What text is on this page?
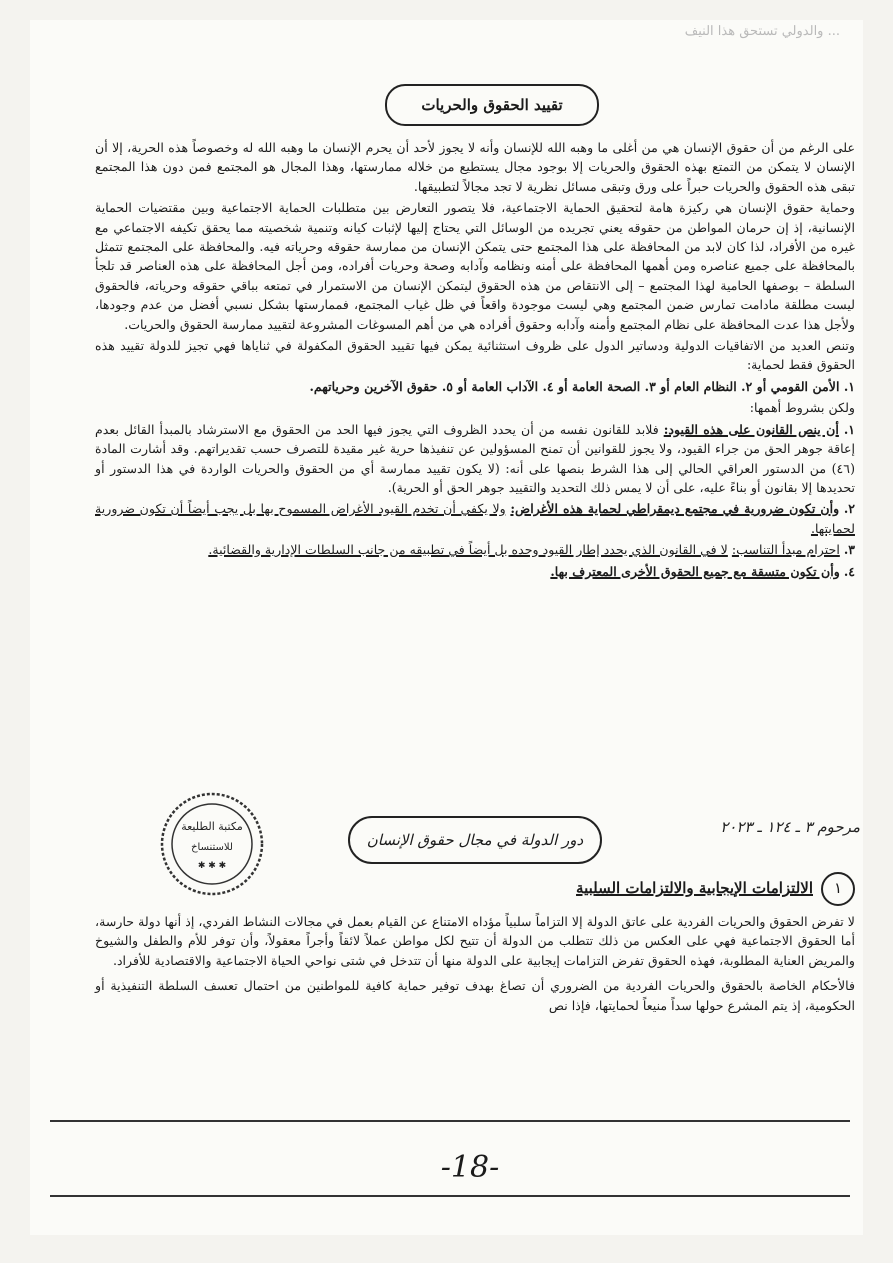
... والدولي تستحق هذا النيف
تقييد الحقوق والحريات

على الرغم من أن حقوق الإنسان هي من أغلى ما وهبه الله للإنسان وأنه لا يجوز لأحد أن يحرم الإنسان ما وهبه الله له وخصوصاً هذه الحرية، إلا أن الإنسان لا يتمكن من التمتع بهذه الحقوق والحريات إلا بوجود مجال يستطيع من خلاله ممارستها، وهذا المجال هو المجتمع فمن دون هذا المجتمع تبقى هذه الحقوق والحريات حبراً على ورق وتبقى مسائل نظرية لا تجد مجالاً لتطبيقها.

وحماية حقوق الإنسان هي ركيزة هامة لتحقيق الحماية الاجتماعية، فلا يتصور التعارض بين متطلبات الحماية الاجتماعية وبين مقتضيات الحماية الإنسانية، إذ إن حرمان المواطن من حقوقه يعني تجريده من الوسائل التي يحتاج إليها لإثبات كيانه وتنمية شخصيته مما يحقق تكيفه الاجتماعي مع غيره من الأفراد، لذا كان لابد من المحافظة على هذا المجتمع حتى يتمكن الإنسان من ممارسة حقوقه وحرياته فيه. والمحافظة على المجتمع تتمثل بالمحافظة على جميع عناصره ومن أهمها المحافظة على أمنه ونظامه وآدابه وصحة وحريات أفراده، ومن أجل المحافظة على هذه العناصر قد تلجأ السلطة – بوصفها الحامية لهذا المجتمع – إلى الانتقاص من هذه الحقوق ليتمكن الإنسان من الاستمرار في تمتعه بباقي حقوقه وحرياته، فالحقوق ليست مطلقة مادامت تمارس ضمن المجتمع وهي ليست موجودة واقعاً في ظل غياب المجتمع، فممارستها بشكل نسبي أفضل من عدم وجودها، ولأجل هذا عدت المحافظة على نظام المجتمع وأمنه وآدابه وحقوق أفراده هي من أهم المسوغات المشروعة لتقييد ممارسة الحقوق والحريات.

وتنص العديد من الاتفاقيات الدولية ودساتير الدول على ظروف استثنائية يمكن فيها تقييد الحقوق المكفولة في ثناياها فهي تجيز للدولة تقييد هذه الحقوق فقط لحماية:

١. الأمن القومي أو ٢. النظام العام أو ٣. الصحة العامة أو ٤. الآداب العامة أو ٥. حقوق الآخرين وحرياتهم.

ولكن بشروط أهمها:

١. أن ينص القانون على هذه القيود: فلابد للقانون نفسه من أن يحدد الظروف التي يجوز فيها الحد من الحقوق مع الاسترشاد بالمبدأ القائل بعدم إعاقة جوهر الحق من جراء القيود، ولا يجوز للقوانين أن تمنح المسؤولين عن تنفيذها حرية غير مقيدة للتصرف حسب تقديراتهم. وقد أشارت المادة (٤٦) من الدستور العراقي الحالي إلى هذا الشرط بنصها على أنه: (لا يكون تقييد ممارسة أي من الحقوق والحريات الواردة في هذا الدستور أو تحديدها إلا بقانون أو بناءً عليه، على أن لا يمس ذلك التحديد والتقييد جوهر الحق أو الحرية).
٢. وأن تكون ضرورية في مجتمع ديمقراطي لحماية هذه الأغراض: ولا يكفي أن تخدم القيود الأغراض المسموح بها بل يجب أيضاً أن تكون ضرورية لحمايتها.
٣. احترام مبدأ التناسب: لا في القانون الذي يحدد إطار القيود وحده بل أيضاً في تطبيقه من جانب السلطات الإدارية والقضائية.
٤. وأن تكون متسقة مع جميع الحقوق الأخرى المعترف بها.
مكتبة الطليعة
للاستنساخ
✱ ✱ ✱
دور الدولة في مجال حقوق الإنسان
مرحوم ٣ ـ ١٢٤ ـ ٢٠٢٣
١
الالتزامات الإيجابية والالتزامات السلبية

لا تفرض الحقوق والحريات الفردية على عاتق الدولة إلا التزاماً سلبياً مؤداه الامتناع عن القيام بعمل في مجالات النشاط الفردي، إذ أنها دولة حارسة، أما الحقوق الاجتماعية فهي على العكس من ذلك تتطلب من الدولة أن تتيح لكل مواطن عملاً لائقاً وأجراً معقولاً، وأن توفر للأم والطفل والشيوخ والمريض العناية المطلوبة، فهذه الحقوق تفرض التزامات إيجابية على الدولة منها أن تتدخل في شتى نواحي الحياة الاجتماعية والاقتصادية للأفراد.

فالأحكام الخاصة بالحقوق والحريات الفردية من الضروري أن تصاغ بهدف توفير حماية كافية للمواطنين من احتمال تعسف السلطة التنفيذية أو الحكومية، إذ يتم المشرع حولها سداً منيعاً لحمايتها، فإذا نص

-18-
